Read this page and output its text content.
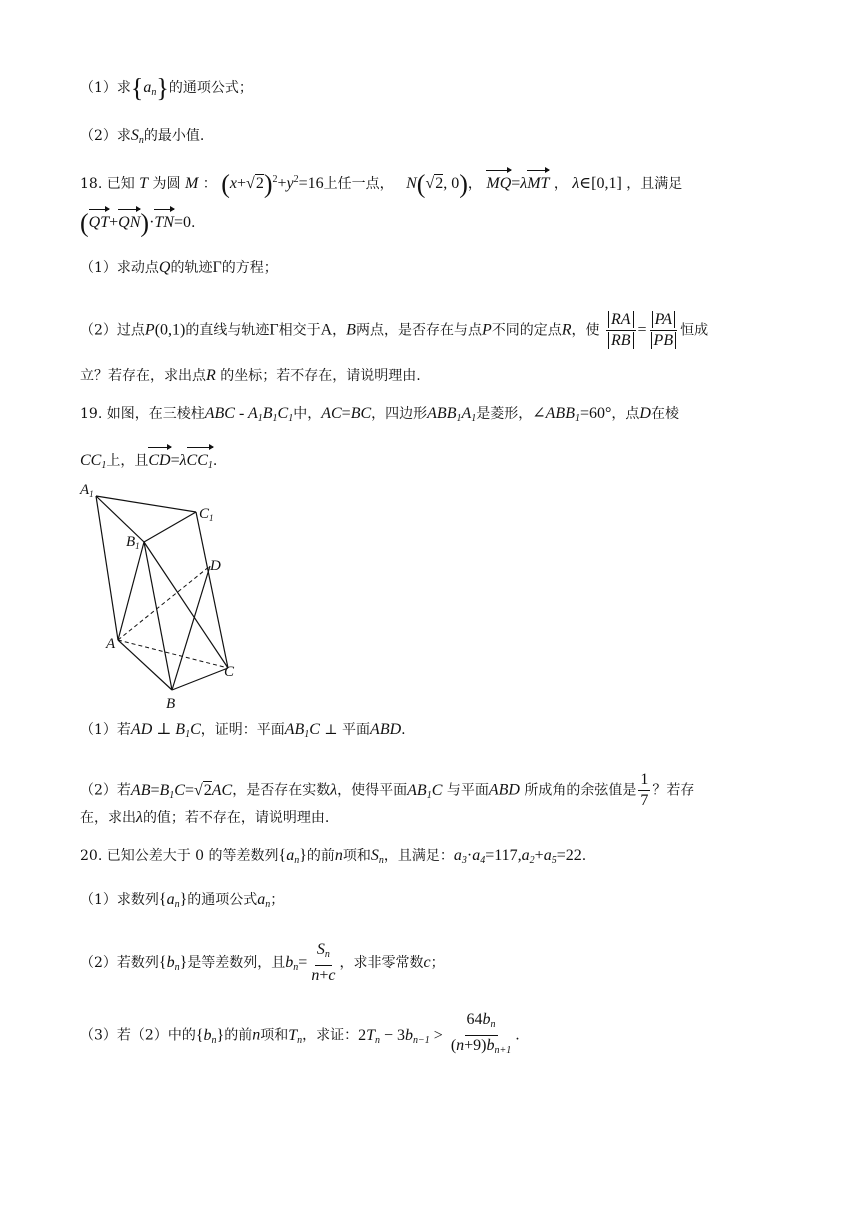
（1）求$\{a_n\}$的通项公式；
（2）求$S_n$的最小值.
18. 已知 T 为圆 M ： $(x+√2)^2+y^2=16$上任一点， N(√2, 0)， MQ=λMT ， λ∈[0,1] ，且满足
(QT+QN)·TN=0.
（1）求动点Q的轨迹Γ的方程；
（2）过点P(0,1)的直线与轨迹Γ相交于A，B两点，是否存在与点P不同的定点R，使 $\frac{RA}{RB} = \frac{PA}{PB}$ 恒成
立？若存在，求出点R 的坐标；若不存在，请说明理由.
19. 如图，在三棱柱ABC - $A_1B_1C_1$中，AC=BC，四边形$ABB_1A_1$是菱形，$\angle ABB_1=60^\circ$，点D在棱
$CC_1$上，且CD=λCC$_1$.
$A_1$
$C_1$
$B_1$
D
A
C
B
（1）若AD ⊥ $B_1C$，证明：平面$AB_1C$ ⊥ 平面ABD.
（2）若$AB=B_1C=√2AC$，是否存在实数λ，使得平面$AB_1C$ 与平面ABD 所成角的余弦值是 $\frac{1}{7}$ ？若存
在，求出λ的值；若不存在，请说明理由.
20. 已知公差大于 0 的等差数列$\{a_n\}$的前n项和$S_n$，且满足：$a_3\cdot a_4=117,a_2+a_5=22$.
（1）求数列$\{a_n\}$的通项公式$a_n$；
（2）若数列$\{b_n\}$是等差数列，且$b_n= \frac{S_n}{n+c}$ ，求非零常数c；
（3）若（2）中的$\{b_n\}$的前n项和$T_n$，求证：$2T_n - 3b_{n-1} > \frac{64b_n}{(n+9)b_{n+1}}$ .
